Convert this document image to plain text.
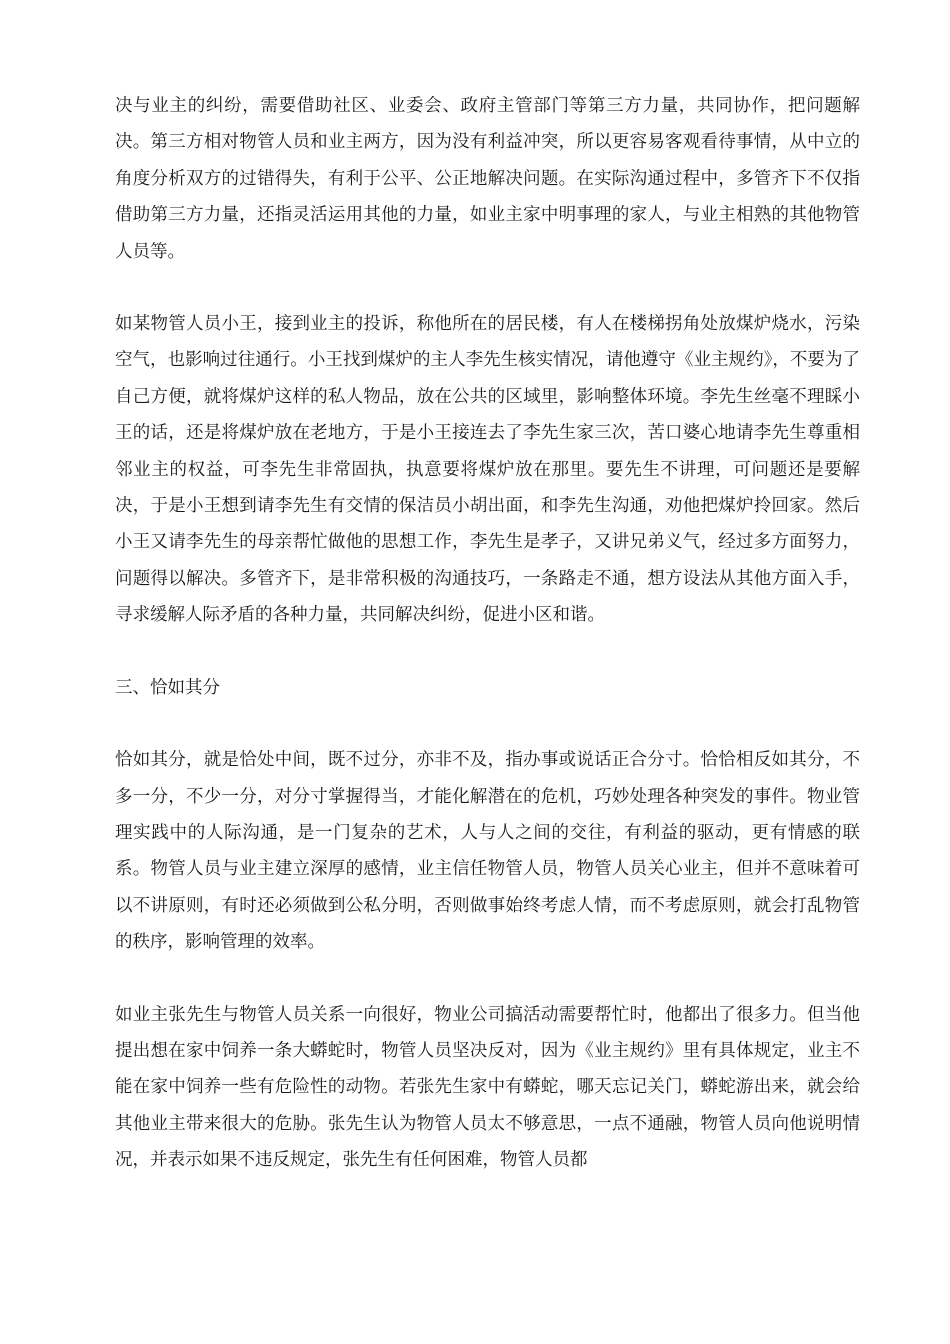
决与业主的纠纷，需要借助社区、业委会、政府主管部门等第三方力量，共同协作，把问题解决。第三方相对物管人员和业主两方，因为没有利益冲突，所以更容易客观看待事情，从中立的角度分析双方的过错得失，有利于公平、公正地解决问题。在实际沟通过程中，多管齐下不仅指借助第三方力量，还指灵活运用其他的力量，如业主家中明事理的家人，与业主相熟的其他物管人员等。

如某物管人员小王，接到业主的投诉，称他所在的居民楼，有人在楼梯拐角处放煤炉烧水，污染空气，也影响过往通行。小王找到煤炉的主人李先生核实情况，请他遵守《业主规约》，不要为了自己方便，就将煤炉这样的私人物品，放在公共的区域里，影响整体环境。李先生丝毫不理睬小王的话，还是将煤炉放在老地方，于是小王接连去了李先生家三次，苦口婆心地请李先生尊重相邻业主的权益，可李先生非常固执，执意要将煤炉放在那里。要先生不讲理，可问题还是要解决，于是小王想到请李先生有交情的保洁员小胡出面，和李先生沟通，劝他把煤炉拎回家。然后小王又请李先生的母亲帮忙做他的思想工作，李先生是孝子，又讲兄弟义气，经过多方面努力，问题得以解决。多管齐下，是非常积极的沟通技巧，一条路走不通，想方设法从其他方面入手，寻求缓解人际矛盾的各种力量，共同解决纠纷，促进小区和谐。

三、恰如其分

恰如其分，就是恰处中间，既不过分，亦非不及，指办事或说话正合分寸。恰恰相反如其分，不多一分，不少一分，对分寸掌握得当，才能化解潜在的危机，巧妙处理各种突发的事件。物业管理实践中的人际沟通，是一门复杂的艺术，人与人之间的交往，有利益的驱动，更有情感的联系。物管人员与业主建立深厚的感情，业主信任物管人员，物管人员关心业主，但并不意味着可以不讲原则，有时还必须做到公私分明，否则做事始终考虑人情，而不考虑原则，就会打乱物管的秩序，影响管理的效率。

如业主张先生与物管人员关系一向很好，物业公司搞活动需要帮忙时，他都出了很多力。但当他提出想在家中饲养一条大蟒蛇时，物管人员坚决反对，因为《业主规约》里有具体规定，业主不能在家中饲养一些有危险性的动物。若张先生家中有蟒蛇，哪天忘记关门，蟒蛇游出来，就会给其他业主带来很大的危胁。张先生认为物管人员太不够意思，一点不通融，物管人员向他说明情况，并表示如果不违反规定，张先生有任何困难，物管人员都
